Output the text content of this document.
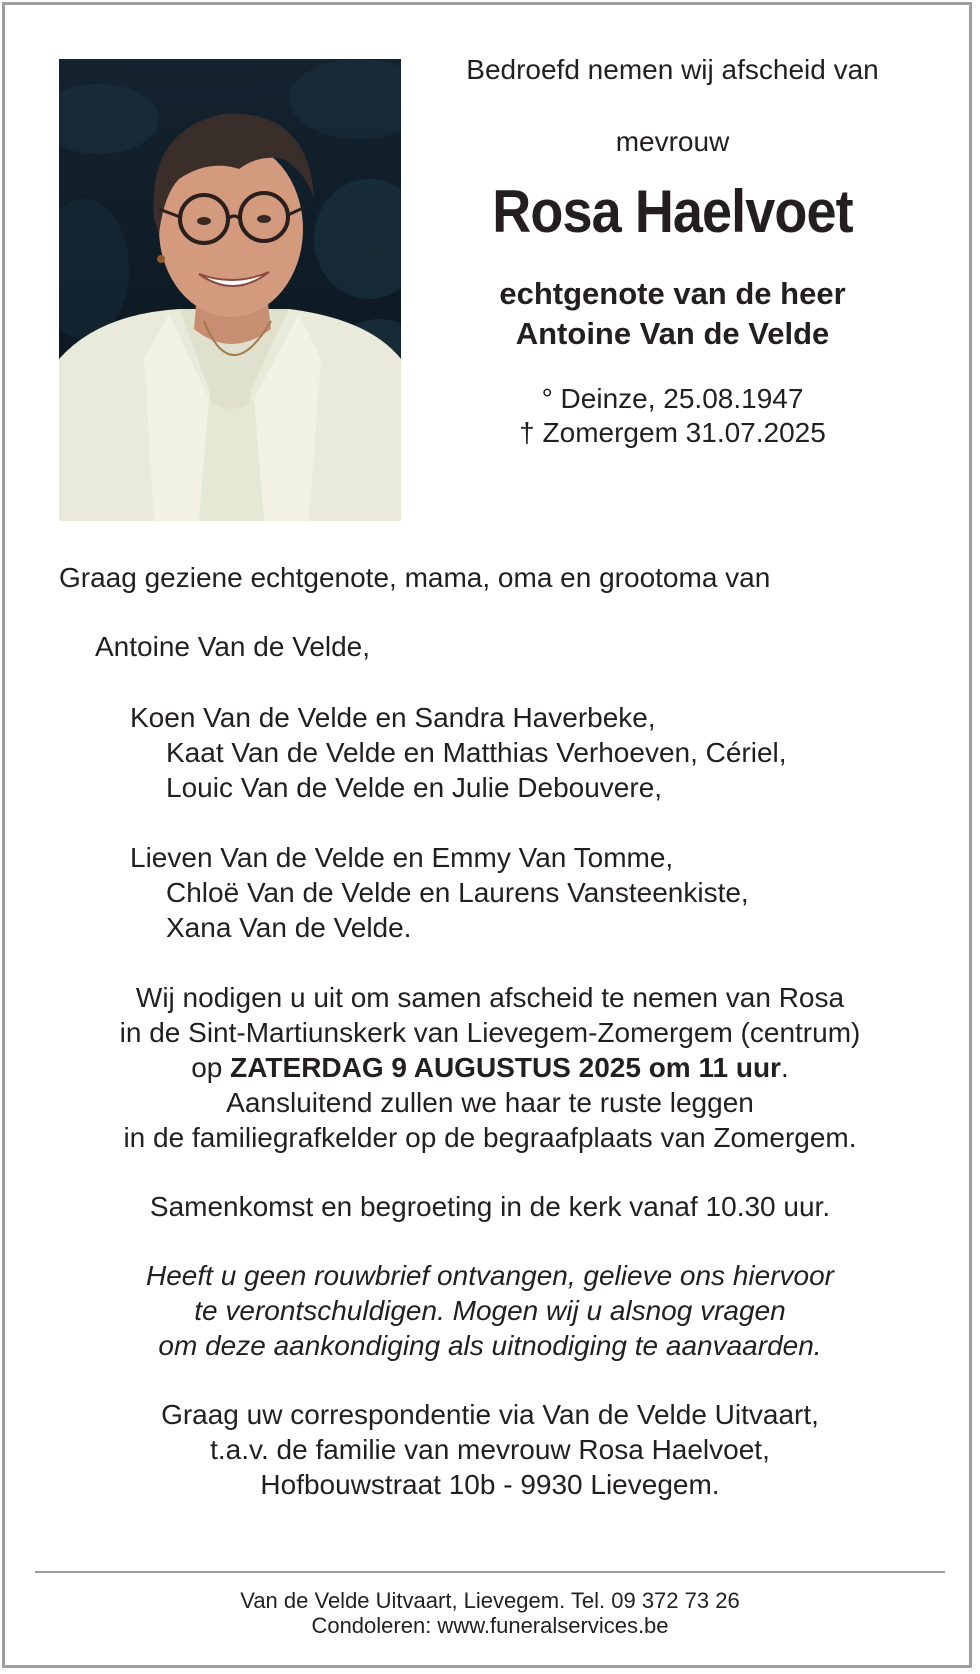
Bedroefd nemen wij afscheid van
mevrouw
Rosa Haelvoet
echtgenote van de heer
Antoine Van de Velde
° Deinze, 25.08.1947
† Zomergem 31.07.2025

Graag geziene echtgenote, mama, oma en grootoma van

Antoine Van de Velde,

Koen Van de Velde en Sandra Haverbeke,

Kaat Van de Velde en Matthias Verhoeven, Cériel,

Louic Van de Velde en Julie Debouvere,

Lieven Van de Velde en Emmy Van Tomme,

Chloë Van de Velde en Laurens Vansteenkiste,

Xana Van de Velde.

Wij nodigen u uit om samen afscheid te nemen van Rosa

in de Sint-Martiunskerk van Lievegem-Zomergem (centrum)

op ZATERDAG 9 AUGUSTUS 2025 om 11 uur.

Aansluitend zullen we haar te ruste leggen

in de familiegrafkelder op de begraafplaats van Zomergem.

Samenkomst en begroeting in de kerk vanaf 10.30 uur.

Heeft u geen rouwbrief ontvangen, gelieve ons hiervoor

te verontschuldigen. Mogen wij u alsnog vragen

om deze aankondiging als uitnodiging te aanvaarden.

Graag uw correspondentie via Van de Velde Uitvaart,

t.a.v. de familie van mevrouw Rosa Haelvoet,

Hofbouwstraat 10b - 9930 Lievegem.

Van de Velde Uitvaart, Lievegem. Tel. 09 372 73 26
Condoleren: www.funeralservices.be
